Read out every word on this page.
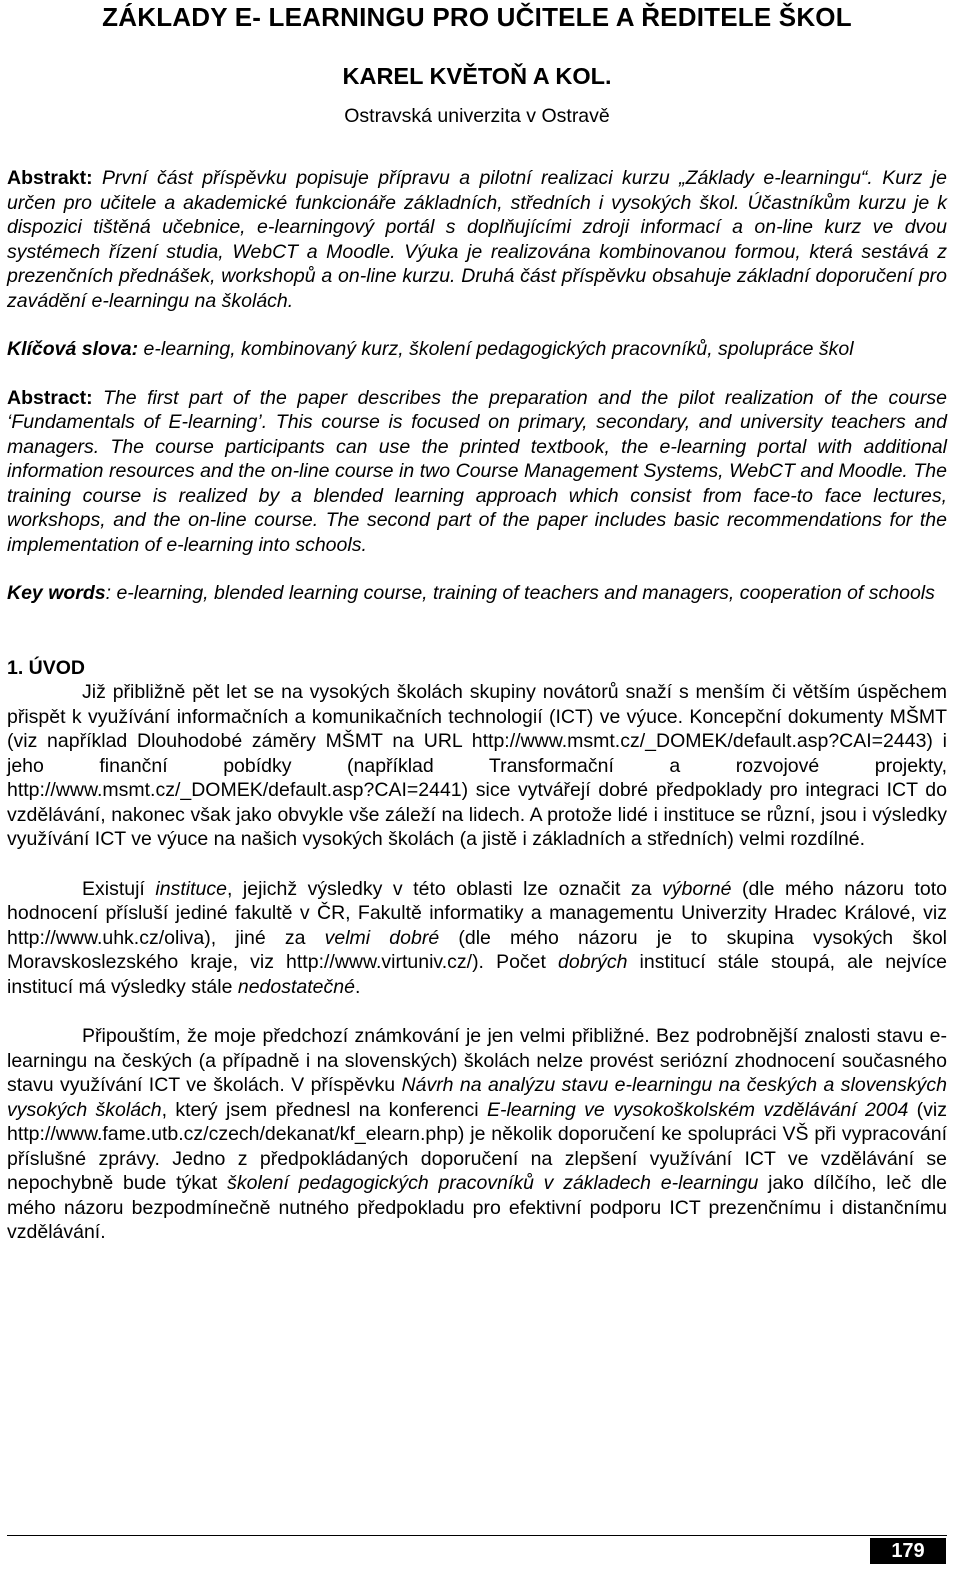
ZÁKLADY E- LEARNINGU PRO UČITELE A ŘEDITELE ŠKOL
KAREL KVĚTOŇ A KOL.
Ostravská univerzita v Ostravě

Abstrakt: První část příspěvku popisuje přípravu a pilotní realizaci kurzu „Základy e-learningu“. Kurz je určen pro učitele a akademické funkcionáře základních, středních i vysokých škol. Účastníkům kurzu je k dispozici tištěná učebnice, e-learningový portál s doplňujícími zdroji informací a on-line kurz ve dvou systémech řízení studia, WebCT a Moodle. Výuka je realizována kombinovanou formou, která sestává z prezenčních přednášek, workshopů a on-line kurzu. Druhá část příspěvku obsahuje základní doporučení pro zavádění e-learningu na školách.

Klíčová slova: e-learning, kombinovaný kurz, školení pedagogických pracovníků, spolupráce škol

Abstract: The first part of the paper describes the preparation and the pilot realization of the course ‘Fundamentals of E-learning’. This course is focused on primary, secondary, and university teachers and managers. The course participants can use the printed textbook, the e-learning portal with additional information resources and the on-line course in two Course Management Systems, WebCT and Moodle. The training course is realized by a blended learning approach which consist from face-to face lectures, workshops, and the on-line course. The second part of the paper includes basic recommendations for the implementation of e-learning into schools.

Key words: e-learning, blended learning course, training of teachers and managers, cooperation of schools

1. ÚVOD

Již přibližně pět let se na vysokých školách skupiny novátorů snaží s menším či větším úspěchem přispět k využívání informačních a komunikačních technologií (ICT) ve výuce. Koncepční dokumenty MŠMT (viz například Dlouhodobé záměry MŠMT na URL http://www.msmt.cz/_DOMEK/default.asp?CAI=2443) i jeho finanční pobídky (například Transformační a rozvojové projekty, http://www.msmt.cz/_DOMEK/default.asp?CAI=2441) sice vytvářejí dobré předpoklady pro integraci ICT do vzdělávání, nakonec však jako obvykle vše záleží na lidech. A protože lidé i instituce se různí, jsou i výsledky využívání ICT ve výuce na našich vysokých školách (a jistě i základních a středních) velmi rozdílné.

Existují instituce, jejichž výsledky v této oblasti lze označit za výborné (dle mého názoru toto hodnocení přísluší jediné fakultě v ČR, Fakultě informatiky a managementu Univerzity Hradec Králové, viz http://www.uhk.cz/oliva), jiné za velmi dobré (dle mého názoru je to skupina vysokých škol Moravskoslezského kraje, viz http://www.virtuniv.cz/). Počet dobrých institucí stále stoupá, ale nejvíce institucí má výsledky stále nedostatečné.

Připouštím, že moje předchozí známkování je jen velmi přibližné. Bez podrobnější znalosti stavu e-learningu na českých (a případně i na slovenských) školách nelze provést seriózní zhodnocení současného stavu využívání ICT ve školách. V příspěvku Návrh na analýzu stavu e-learningu na českých a slovenských vysokých školách, který jsem přednesl na konferenci E-learning ve vysokoškolském vzdělávání 2004 (viz http://www.fame.utb.cz/czech/dekanat/kf_elearn.php) je několik doporučení ke spolupráci VŠ při vypracování příslušné zprávy. Jedno z předpokládaných doporučení na zlepšení využívání ICT ve vzdělávání se nepochybně bude týkat školení pedagogických pracovníků v základech e-learningu jako dílčího, leč dle mého názoru bezpodmínečně nutného předpokladu pro efektivní podporu ICT prezenčnímu i distančnímu vzdělávání.

179
